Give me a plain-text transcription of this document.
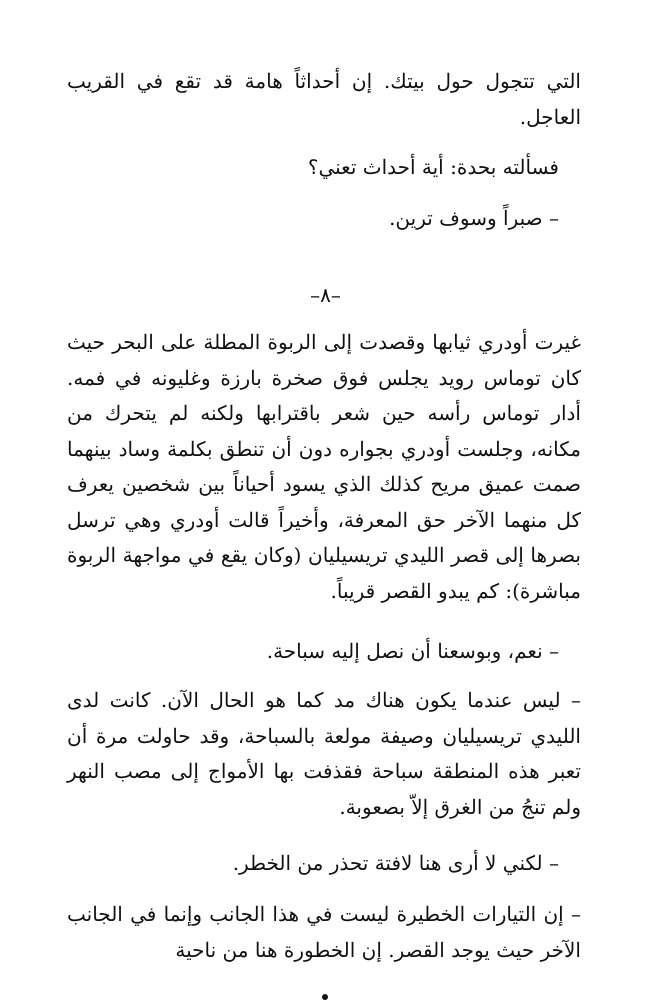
التي تتجول حول بيتك. إن أحداثاً هامة قد تقع في القريب العاجل.

فسألته بحدة: أية أحداث تعني؟

– صبراً وسوف ترين.

–٨–

غيرت أودري ثيابها وقصدت إلى الربوة المطلة على البحر حيث كان توماس رويد يجلس فوق صخرة بارزة وغليونه في فمه. أدار توماس رأسه حين شعر باقترابها ولكنه لم يتحرك من مكانه، وجلست أودري بجواره دون أن تنطق بكلمة وساد بينهما صمت عميق مريح كذلك الذي يسود أحياناً بين شخصين يعرف كل منهما الآخر حق المعرفة، وأخيراً قالت أودري وهي ترسل بصرها إلى قصر الليدي تريسيليان (وكان يقع في مواجهة الربوة مباشرة): كم يبدو القصر قريباً.

– نعم، وبوسعنا أن نصل إليه سباحة.

– ليس عندما يكون هناك مد كما هو الحال الآن. كانت لدى الليدي تريسيليان وصيفة مولعة بالسباحة، وقد حاولت مرة أن تعبر هذه المنطقة سباحة فقذفت بها الأمواج إلى مصب النهر ولم تنجُ من الغرق إلاّ بصعوبة.

– لكني لا أرى هنا لافتة تحذر من الخطر.

– إن التيارات الخطيرة ليست في هذا الجانب وإنما في الجانب الآخر حيث يوجد القصر. إن الخطورة هنا من ناحية
